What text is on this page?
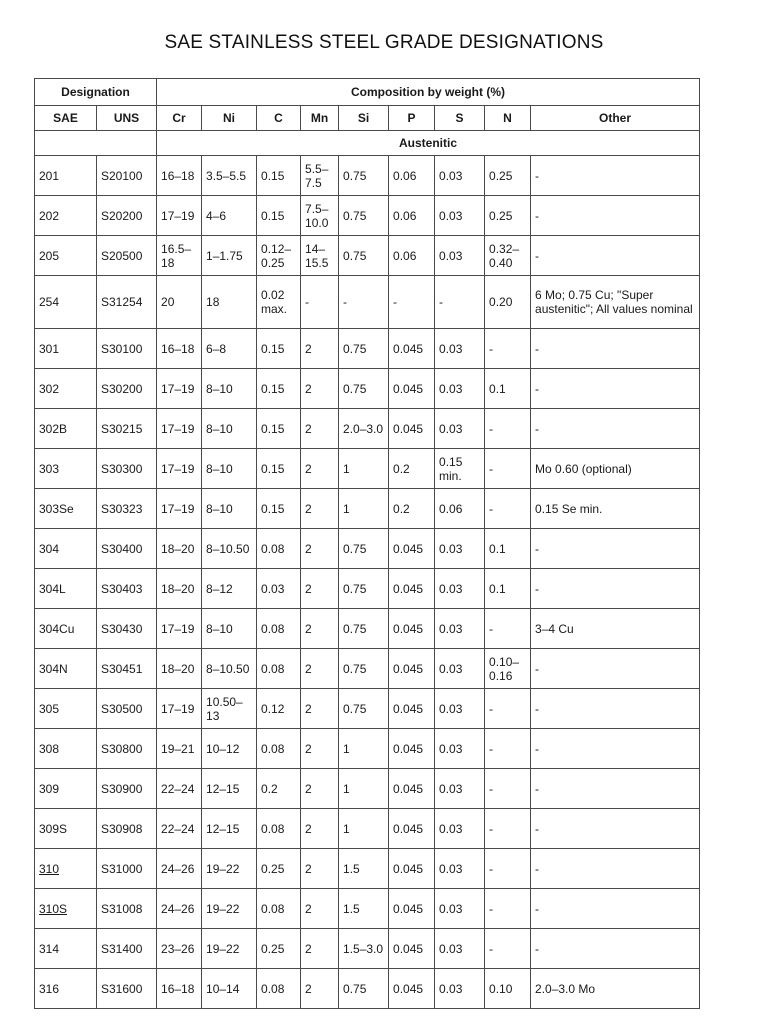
SAE STAINLESS STEEL GRADE DESIGNATIONS
Designation		Composition by weight (%)								
SAE	UNS	Cr	Ni	C	Mn	Si	P	S	N	Other
		Austenitic								
201	S20100	16–18	3.5–5.5	0.15	5.5–7.5	0.75	0.06	0.03	0.25	-
202	S20200	17–19	4–6	0.15	7.5–10.0	0.75	0.06	0.03	0.25	-
205	S20500	16.5–18	1–1.75	0.12–0.25	14–15.5	0.75	0.06	0.03	0.32–0.40	-
254	S31254	20	18	0.02 max.	-	-	-	-	0.20	6 Mo; 0.75 Cu; "Super austenitic"; All values nominal
301	S30100	16–18	6–8	0.15	2	0.75	0.045	0.03	-	-
302	S30200	17–19	8–10	0.15	2	0.75	0.045	0.03	0.1	-
302B	S30215	17–19	8–10	0.15	2	2.0–3.0	0.045	0.03	-	-
303	S30300	17–19	8–10	0.15	2	1	0.2	0.15 min.	-	Mo 0.60 (optional)
303Se	S30323	17–19	8–10	0.15	2	1	0.2	0.06	-	0.15 Se min.
304	S30400	18–20	8–10.50	0.08	2	0.75	0.045	0.03	0.1	-
304L	S30403	18–20	8–12	0.03	2	0.75	0.045	0.03	0.1	-
304Cu	S30430	17–19	8–10	0.08	2	0.75	0.045	0.03	-	3–4 Cu
304N	S30451	18–20	8–10.50	0.08	2	0.75	0.045	0.03	0.10–0.16	-
305	S30500	17–19	10.50–13	0.12	2	0.75	0.045	0.03	-	-
308	S30800	19–21	10–12	0.08	2	1	0.045	0.03	-	-
309	S30900	22–24	12–15	0.2	2	1	0.045	0.03	-	-
309S	S30908	22–24	12–15	0.08	2	1	0.045	0.03	-	-
310	S31000	24–26	19–22	0.25	2	1.5	0.045	0.03	-	-
310S	S31008	24–26	19–22	0.08	2	1.5	0.045	0.03	-	-
314	S31400	23–26	19–22	0.25	2	1.5–3.0	0.045	0.03	-	-
316	S31600	16–18	10–14	0.08	2	0.75	0.045	0.03	0.10	2.0–3.0 Mo
